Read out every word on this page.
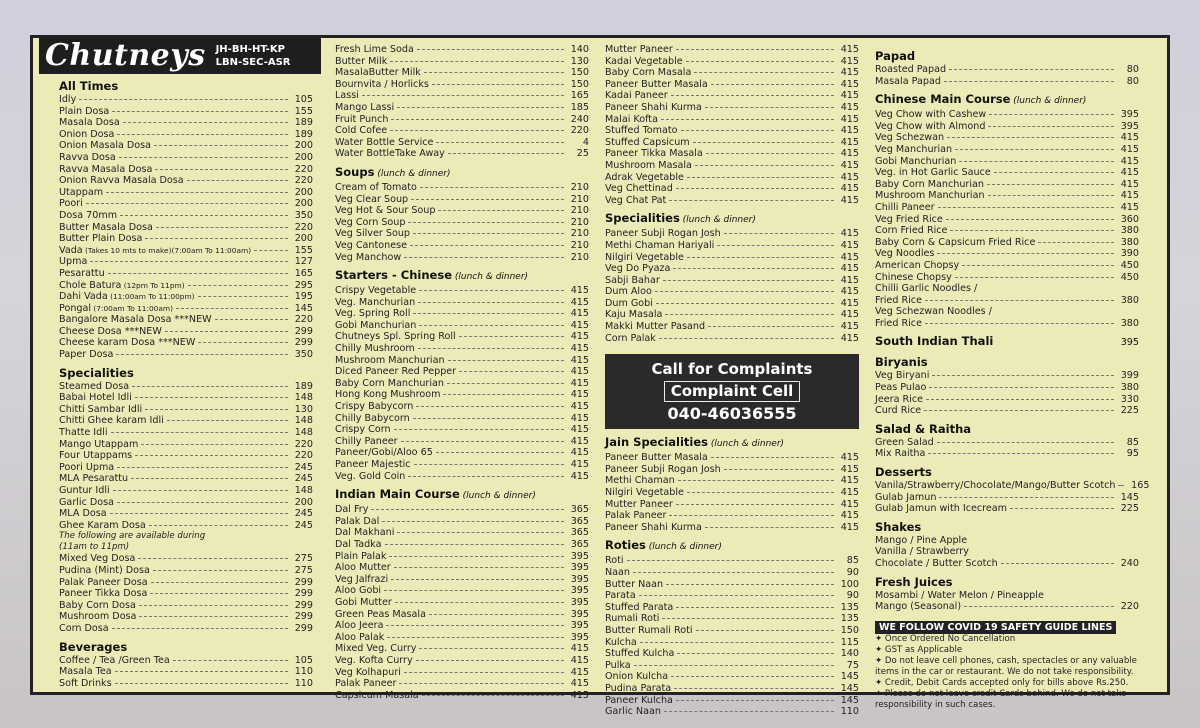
Chutneys JH-BH-HT-KP
LBN-SEC-ASR
All Times
Idly	105
Plain Dosa	155
Masala Dosa	189
Onion Dosa	189
Onion Masala Dosa	200
Ravva Dosa	200
Ravva Masala Dosa	220
Onion Ravva Masala Dosa	220
Utappam	200
Poori	200
Dosa 70mm	350
Butter Masala Dosa	220
Butter Plain Dosa	200
Vada (Takes 10 mts to make)(7:00am To 11:00am)	155
Upma	127
Pesarattu	165
Chole Batura (12pm To 11pm)	295
Dahi Vada (11:00am To 11:00pm)	195
Pongal (7:00am To 11:00am)	145
Bangalore Masala Dosa ***NEW	220
Cheese Dosa ***NEW	299
Cheese karam Dosa ***NEW	299
Paper Dosa	350
Specialities
Steamed Dosa	189
Babai Hotel Idli	148
Chitti Sambar Idli	130
Chitti Ghee karam Idli	148
Thatte Idli	148
Mango Utappam	220
Four Utappams	220
Poori Upma	245
MLA Pesarattu	245
Guntur Idli	148
Garlic Dosa	200
MLA Dosa	245
Ghee Karam Dosa	245
The following are available during
(11am to 11pm)
Mixed Veg Dosa	275
Pudina (Mint) Dosa	275
Palak Paneer Dosa	299
Paneer Tikka Dosa	299
Baby Corn Dosa	299
Mushroom Dosa	299
Corn Dosa	299
Beverages
Coffee / Tea /Green Tea	105
Masala Tea	110
Soft Drinks	110
Fresh Lime Soda	140
Butter Milk	130
MasalaButter Milk	150
Bournvita / Horlicks	150
Lassi	165
Mango Lassi	185
Fruit Punch	240
Cold Cofee	220
Water Bottle Service	4
Water BottleTake Away	25
Soups (lunch & dinner)
Cream of Tomato	210
Veg Clear Soup	210
Veg Hot & Sour Soup	210
Veg Corn Soup	210
Veg Silver Soup	210
Veg Cantonese	210
Veg Manchow	210
Starters - Chinese (lunch & dinner)
Crispy Vegetable	415
Veg. Manchurian	415
Veg. Spring Roll	415
Gobi Manchurian	415
Chutneys Spl. Spring Roll	415
Chilly Mushroom	415
Mushroom Manchurian	415
Diced Paneer Red Pepper	415
Baby Corn Manchurian	415
Hong Kong Mushroom	415
Crispy Babycorn	415
Chilly Babycorn	415
Crispy Corn	415
Chilly Paneer	415
Paneer/Gobi/Aloo 65	415
Paneer Majestic	415
Veg. Gold Coin	415
Indian Main Course (lunch & dinner)
Dal Fry	365
Palak Dal	365
Dal Makhani	365
Dal Tadka	365
Plain Palak	395
Aloo Mutter	395
Veg Jalfrazi	395
Aloo Gobi	395
Gobi Mutter	395
Green Peas Masala	395
Aloo Jeera	395
Aloo Palak	395
Mixed Veg. Curry	415
Veg. Kofta Curry	415
Veg Kolhapuri	415
Palak Paneer	415
Capsicum Masala	415
Mutter Paneer	415
Kadai Vegetable	415
Baby Corn Masala	415
Paneer Butter Masala	415
Kadai Paneer	415
Paneer Shahi Kurma	415
Malai Kofta	415
Stuffed Tomato	415
Stuffed Capsicum	415
Paneer Tikka Masala	415
Mushroom Masala	415
Adrak Vegetable	415
Veg Chettinad	415
Veg Chat Pat	415
Specialities (lunch & dinner)
Paneer Subji Rogan Josh	415
Methi Chaman Hariyali	415
Nilgiri Vegetable	415
Veg Do Pyaza	415
Sabji Bahar	415
Dum Aloo	415
Dum Gobi	415
Kaju Masala	415
Makki Mutter Pasand	415
Corn Palak	415
Call for Complaints
Complaint Cell
040-46036555
Jain Specialities (lunch & dinner)
Paneer Butter Masala	415
Paneer Subji Rogan Josh	415
Methi Chaman	415
Nilgiri Vegetable	415
Mutter Paneer	415
Palak Paneer	415
Paneer Shahi Kurma	415
Roties (lunch & dinner)
Roti	85
Naan	90
Butter Naan	100
Parata	90
Stuffed Parata	135
Rumali Roti	135
Butter Rumali Roti	150
Kulcha	115
Stuffed Kulcha	140
Pulka	75
Onion Kulcha	145
Pudina Parata	145
Paneer Kulcha	145
Garlic Naan	110
Papad
Roasted Papad	80
Masala Papad	80
Chinese Main Course (lunch & dinner)
Veg Chow with Cashew	395
Veg Chow with Almond	395
Veg Schezwan	415
Veg Manchurian	415
Gobi Manchurian	415
Veg. in Hot Garlic Sauce	415
Baby Corn Manchurian	415
Mushroom Manchurian	415
Chilli Paneer	415
Veg Fried Rice	360
Corn Fried Rice	380
Baby Corn & Capsicum Fried Rice	380
Veg Noodles	390
American Chopsy	450
Chinese Chopsy	450
Chilli Garlic Noodles /
Fried Rice	380
Veg Schezwan Noodles /
Fried Rice	380
South Indian Thali	395
Biryanis
Veg Biryani	399
Peas Pulao	380
Jeera Rice	330
Curd Rice	225
Salad & Raitha
Green Salad	85
Mix Raitha	95
Desserts
Vanila/Strawberry/Chocolate/Mango/Butter Scotch	165
Gulab Jamun	145
Gulab Jamun with Icecream	225
Shakes
Mango / Pine Apple
Vanilla / Strawberry
Chocolate / Butter Scotch	240
Fresh Juices
Mosambi / Water Melon / Pineapple
Mango (Seasonal)	220
WE FOLLOW COVID 19 SAFETY GUIDE LINES
✦ Once Ordered No Cancellation
✦ GST as Applicable
✦ Do not leave cell phones, cash, spectacles or any valuable items in the car or restaurant. We do not take responsibility.
✦ Credit, Debit Cards accepted only for bills above Rs.250.
✦ Please do not leave credit Cards behind. We do not take responsibility in such cases.
